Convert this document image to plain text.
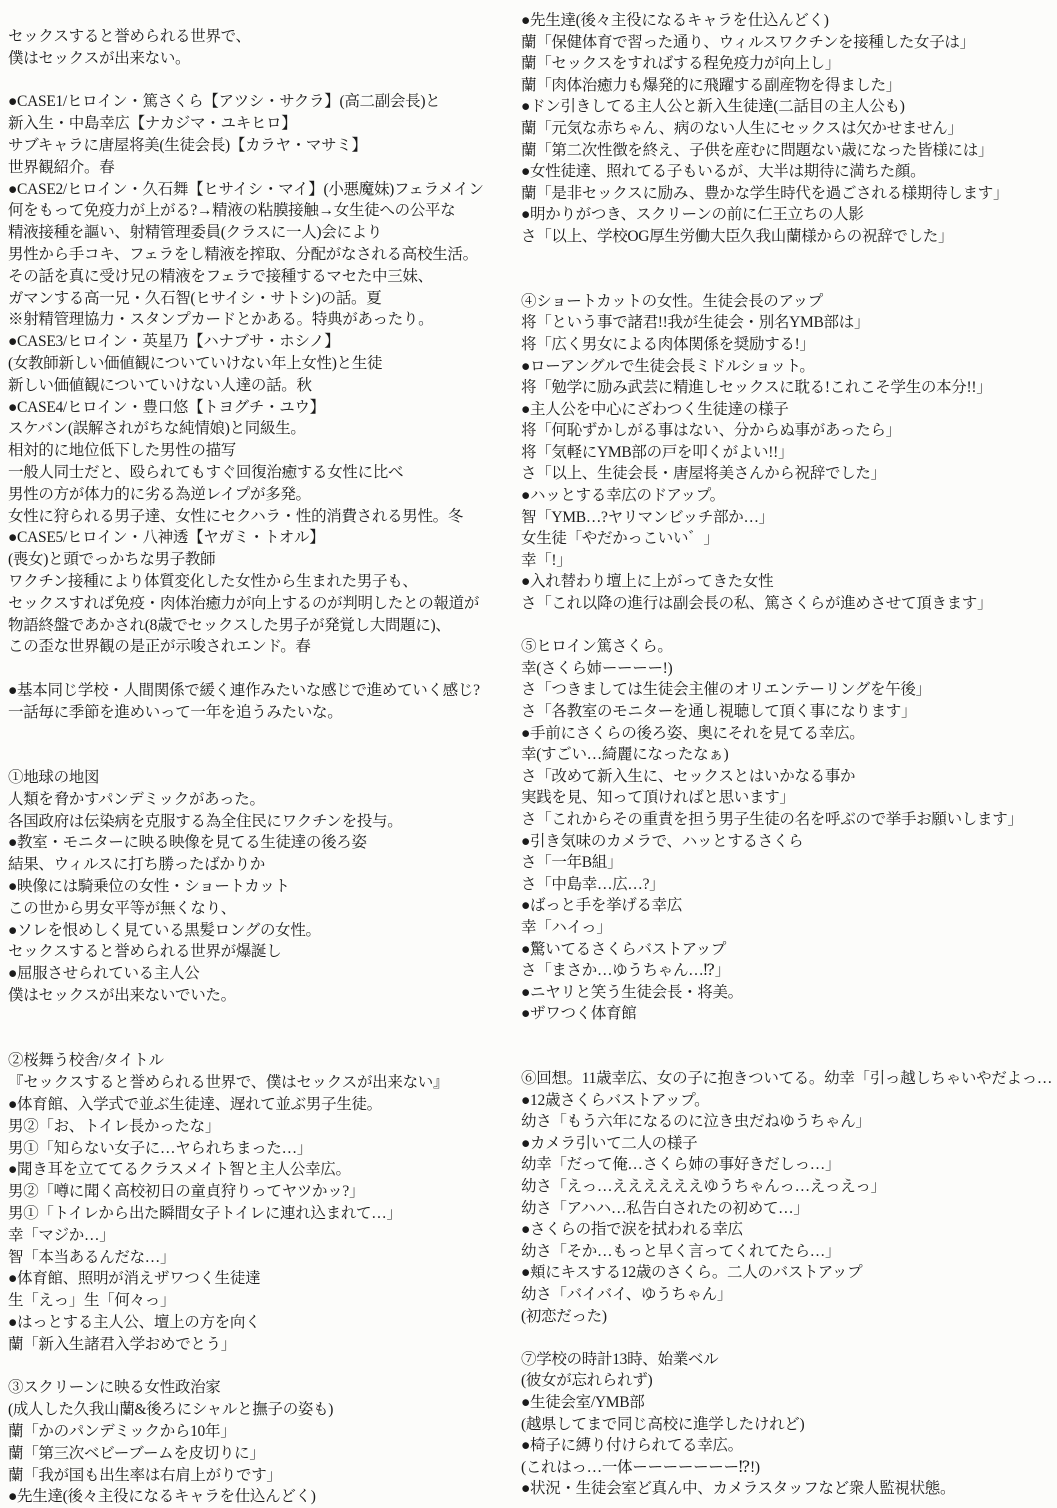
セックスすると誉められる世界で、
僕はセックスが出来ない。

●CASE1/ヒロイン・篤さくら【アツシ・サクラ】(高二副会長)と
新入生・中島幸広【ナカジマ・ユキヒロ】
サブキャラに唐屋将美(生徒会長)【カラヤ・マサミ】
世界観紹介。春
●CASE2/ヒロイン・久石舞【ヒサイシ・マイ】(小悪魔妹)フェラメイン
何をもって免疫力が上がる?→精液の粘膜接触→女生徒への公平な
精液接種を謳い、射精管理委員(クラスに一人)会により
男性から手コキ、フェラをし精液を搾取、分配がなされる高校生活。
その話を真に受け兄の精液をフェラで接種するマセた中三妹、
ガマンする高一兄・久石智(ヒサイシ・サトシ)の話。夏
※射精管理協力・スタンプカードとかある。特典があったり。
●CASE3/ヒロイン・英星乃【ハナブサ・ホシノ】
(女教師新しい価値観についていけない年上女性)と生徒
新しい価値観についていけない人達の話。秋
●CASE4/ヒロイン・豊口悠【トヨグチ・ユウ】
スケバン(誤解されがちな純情娘)と同級生。
相対的に地位低下した男性の描写
一般人同士だと、殴られてもすぐ回復治癒する女性に比べ
男性の方が体力的に劣る為逆レイプが多発。
女性に狩られる男子達、女性にセクハラ・性的消費される男性。冬
●CASE5/ヒロイン・八神透【ヤガミ・トオル】
(喪女)と頭でっかちな男子教師
ワクチン接種により体質変化した女性から生まれた男子も、
セックスすれば免疫・肉体治癒力が向上するのが判明したとの報道が
物語終盤であかされ(8歳でセックスした男子が発覚し大問題に)、
この歪な世界観の是正が示唆されエンド。春

●基本同じ学校・人間関係で緩く連作みたいな感じで進めていく感じ?
一話毎に季節を進めいって一年を追うみたいな。

①地球の地図
人類を脅かすパンデミックがあった。
各国政府は伝染病を克服する為全住民にワクチンを投与。
●教室・モニターに映る映像を見てる生徒達の後ろ姿
結果、ウィルスに打ち勝ったばかりか
●映像には騎乗位の女性・ショートカット
この世から男女平等が無くなり、
●ソレを恨めしく見ている黒髪ロングの女性。
セックスすると誉められる世界が爆誕し
●屈服させられている主人公
僕はセックスが出来ないでいた。

②桜舞う校舎/タイトル
『セックスすると誉められる世界で、僕はセックスが出来ない』
●体育館、入学式で並ぶ生徒達、遅れて並ぶ男子生徒。
男②「お、トイレ長かったな」
男①「知らない女子に…ヤられちまった…」
●聞き耳を立ててるクラスメイト智と主人公幸広。
男②「噂に聞く高校初日の童貞狩りってヤツかッ?」
男①「トイレから出た瞬間女子トイレに連れ込まれて…」
幸「マジか…」
智「本当あるんだな…」
●体育館、照明が消えザワつく生徒達
生「えっ」生「何々っ」
●はっとする主人公、壇上の方を向く
蘭「新入生諸君入学おめでとう」

③スクリーンに映る女性政治家
(成人した久我山蘭&後ろにシャルと撫子の姿も)
蘭「かのパンデミックから10年」
蘭「第三次ベビーブームを皮切りに」
蘭「我が国も出生率は右肩上がりです」
●先生達(後々主役になるキャラを仕込んどく)
●先生達(後々主役になるキャラを仕込んどく)
蘭「保健体育で習った通り、ウィルスワクチンを接種した女子は」
蘭「セックスをすればする程免疫力が向上し」
蘭「肉体治癒力も爆発的に飛躍する副産物を得ました」
●ドン引きしてる主人公と新入生徒達(二話目の主人公も)
蘭「元気な赤ちゃん、病のない人生にセックスは欠かせません」
蘭「第二次性徴を終え、子供を産むに問題ない歳になった皆様には」
●女性徒達、照れてる子もいるが、大半は期待に満ちた顔。
蘭「是非セックスに励み、豊かな学生時代を過ごされる様期待します」
●明かりがつき、スクリーンの前に仁王立ちの人影
さ「以上、学校OG厚生労働大臣久我山蘭様からの祝辞でした」

④ショートカットの女性。生徒会長のアップ
将「という事で諸君!!我が生徒会・別名YMB部は」
将「広く男女による肉体関係を奨励する!」
●ローアングルで生徒会長ミドルショット。
将「勉学に励み武芸に精進しセックスに耽る!これこそ学生の本分!!」
●主人公を中心にざわつく生徒達の様子
将「何恥ずかしがる事はない、分からぬ事があったら」
将「気軽にYMB部の戸を叩くがよい!!」
さ「以上、生徒会長・唐屋将美さんから祝辞でした」
●ハッとする幸広のドアップ。
智「YMB…?ヤリマンビッチ部か…」
女生徒「やだかっこいい゛」
幸「!」
●入れ替わり壇上に上がってきた女性
さ「これ以降の進行は副会長の私、篤さくらが進めさせて頂きます」

⑤ヒロイン篤さくら。
幸(さくら姉ーーーー!)
さ「つきましては生徒会主催のオリエンテーリングを午後」
さ「各教室のモニターを通し視聴して頂く事になります」
●手前にさくらの後ろ姿、奥にそれを見てる幸広。
幸(すごい…綺麗になったなぁ)
さ「改めて新入生に、セックスとはいかなる事か
実践を見、知って頂ければと思います」
さ「これからその重責を担う男子生徒の名を呼ぶので挙手お願いします」
●引き気味のカメラで、ハッとするさくら
さ「一年B組」
さ「中島幸…広…?」
●ばっと手を挙げる幸広
幸「ハイっ」
●驚いてるさくらバストアップ
さ「まさか…ゆうちゃん…⁉」
●ニヤリと笑う生徒会長・将美。
●ザワつく体育館

⑥回想。11歳幸広、女の子に抱きついてる。幼幸「引っ越しちゃいやだよっ…
●12歳さくらバストアップ。
幼さ「もう六年になるのに泣き虫だねゆうちゃん」
●カメラ引いて二人の様子
幼幸「だって俺…さくら姉の事好きだしっ…」
幼さ「えっ…ええええええゆうちゃんっ…えっえっ」
幼さ「アハハ…私告白されたの初めて…」
●さくらの指で涙を拭われる幸広
幼さ「そか…もっと早く言ってくれてたら…」
●頬にキスする12歳のさくら。二人のバストアップ
幼さ「バイバイ、ゆうちゃん」
(初恋だった)

⑦学校の時計13時、始業ベル
(彼女が忘れられず)
●生徒会室/YMB部
(越県してまで同じ高校に進学したけれど)
●椅子に縛り付けられてる幸広。
(これはっ…一体ーーーーーーー⁉!)
●状況・生徒会室ど真ん中、カメラスタッフなど衆人監視状態。
